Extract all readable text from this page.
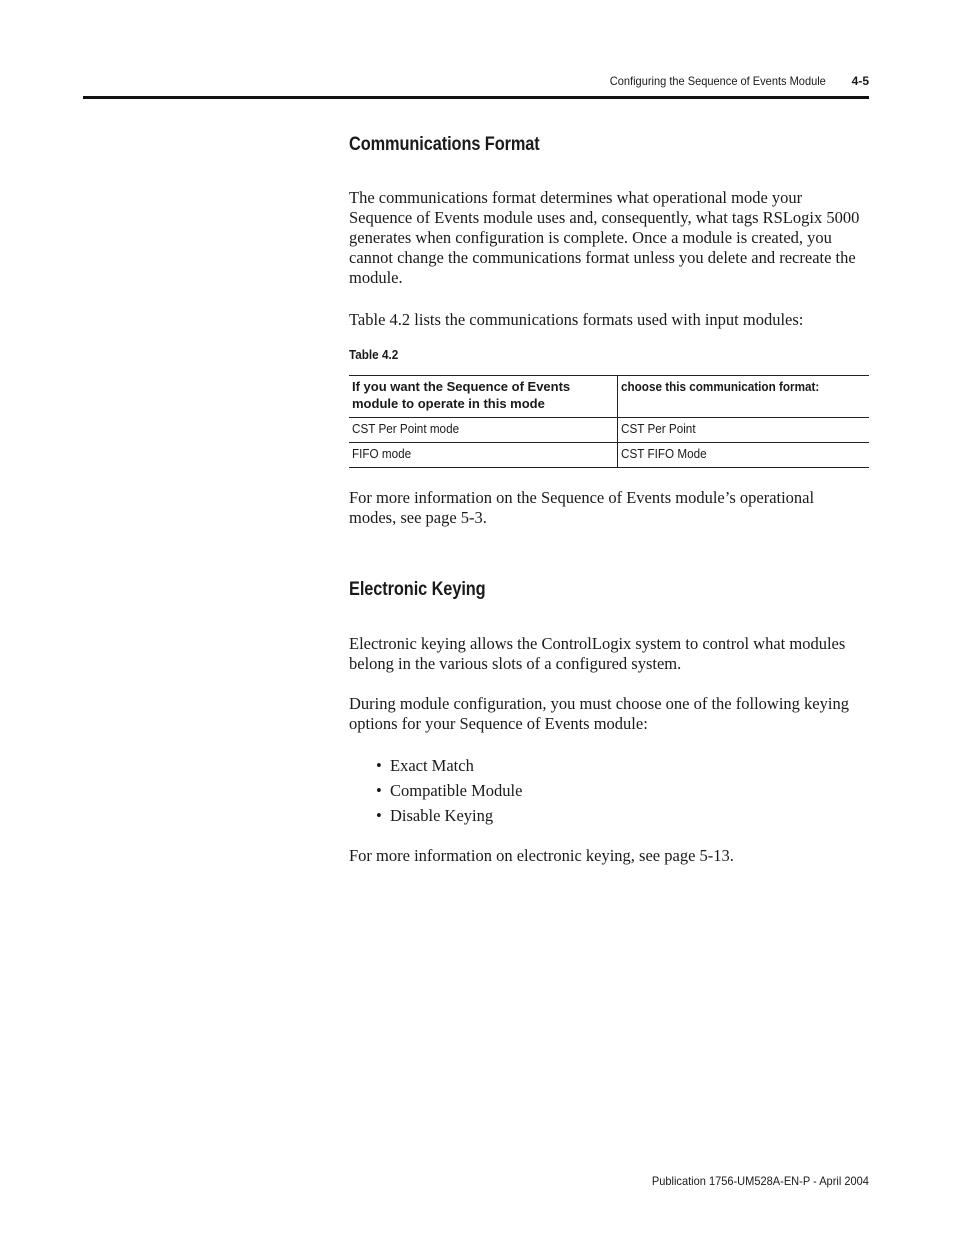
Configuring the Sequence of Events Module 4-5
Communications Format

The communications format determines what operational mode your Sequence of Events module uses and, consequently, what tags RSLogix 5000 generates when configuration is complete. Once a module is created, you cannot change the communications format unless you delete and recreate the module.

Table 4.2 lists the communications formats used with input modules:

Table 4.2
If you want the Sequence of Events module to operate in this mode	choose this communication format:
CST Per Point mode	CST Per Point
FIFO mode	CST FIFO Mode

For more information on the Sequence of Events module’s operational modes, see page 5-3.

Electronic Keying

Electronic keying allows the ControlLogix system to control what modules belong in the various slots of a configured system.

During module configuration, you must choose one of the following keying options for your Sequence of Events module:

• Exact Match
• Compatible Module
• Disable Keying

For more information on electronic keying, see page 5-13.

Publication 1756-UM528A-EN-P - April 2004
